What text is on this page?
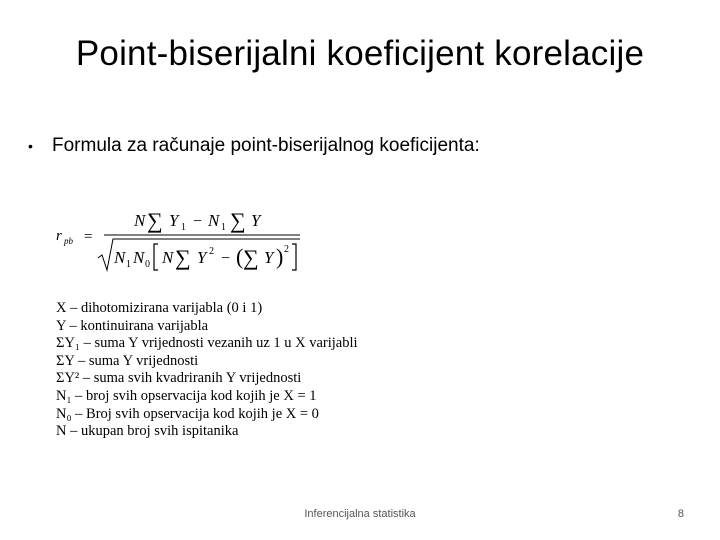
Point-biserijalni koeficijent korelacije
•	Formula za računaje point-biserijalnog koeficijenta:
r pb =
N ∑ Y 1 − N 1 ∑ Y
N 1 N 0 N ∑ Y 2 − ( ∑ Y ) 2
X – dihotomizirana varijabla (0 i 1)
Y – kontinuirana varijabla
ΣY₁ – suma Y vrijednosti vezanih uz 1 u X varijabli
ΣY – suma Y vrijednosti
ΣY² – suma svih kvadriranih Y vrijednosti
N₁ – broj svih opservacija kod kojih je X = 1
N₀ – Broj svih opservacija kod kojih je X = 0
N – ukupan broj svih ispitanika
Inferencijalna statistika	8
